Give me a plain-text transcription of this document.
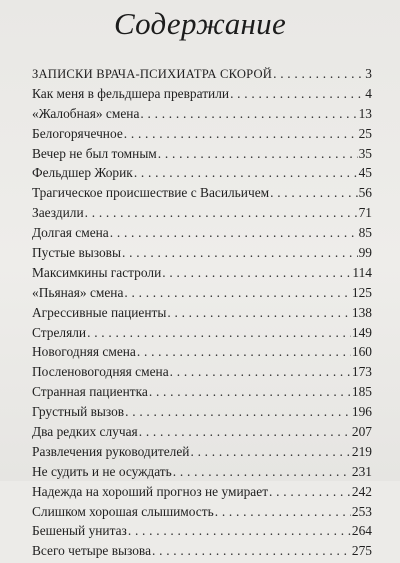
Содержание
ЗАПИСКИ ВРАЧА-ПСИХИАТРА СКОРОЙ . . .	3
Как меня в фельдшера превратили . . .	4
«Жалобная» смена . . .	13
Белогорячечное . . .	25
Вечер не был томным . . .	35
Фельдшер Жорик . . .	45
Трагическое происшествие с Васильичем . . .	56
Заездили . . .	71
Долгая смена . . .	85
Пустые вызовы . . .	99
Максимкины гастроли . . .	114
«Пьяная» смена . . .	125
Агрессивные пациенты . . .	138
Стреляли . . .	149
Новогодняя смена . . .	160
Посленовогодняя смена . . .	173
Странная пациентка . . .	185
Грустный вызов . . .	196
Два редких случая . . .	207
Развлечения руководителей . . .	219
Не судить и не осуждать . . .	231
Надежда на хороший прогноз не умирает . . .	242
Слишком хорошая слышимость . . .	253
Бешеный унитаз . . .	264
Всего четыре вызова . . .	275
